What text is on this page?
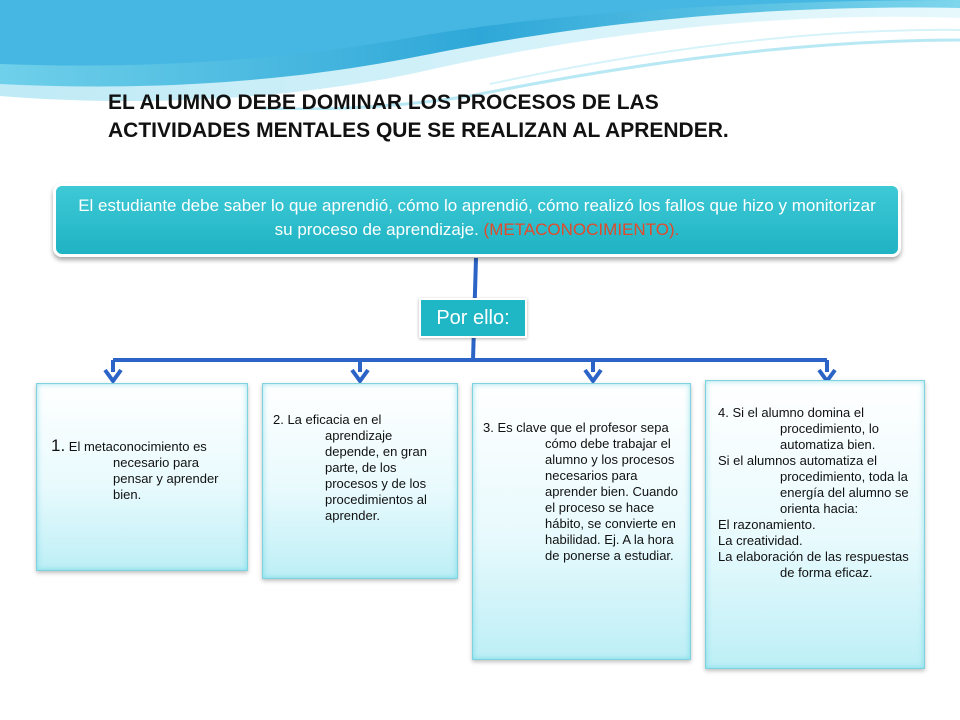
EL ALUMNO DEBE DOMINAR LOS PROCESOS DE LAS
ACTIVIDADES MENTALES QUE SE REALIZAN AL APRENDER.
El estudiante debe saber lo que aprendió, cómo lo aprendió, cómo realizó los fallos que hizo y monitorizar su proceso de aprendizaje. (METACONOCIMIENTO).
Por ello:

1. El metaconocimiento es necesario para pensar y aprender bien.

2. La eficacia en el aprendizaje depende, en gran parte, de los procesos y de los procedimientos al aprender.

3. Es clave que el profesor sepa cómo debe trabajar el alumno y los procesos necesarios para aprender bien. Cuando el proceso se hace hábito, se convierte en habilidad. Ej. A la hora de ponerse a estudiar.

4. Si el alumno domina el procedimiento, lo automatiza bien.

Si el alumnos automatiza el procedimiento, toda la energía del alumno se orienta hacia:

El razonamiento.

La creatividad.

La elaboración de las respuestas de forma eficaz.
